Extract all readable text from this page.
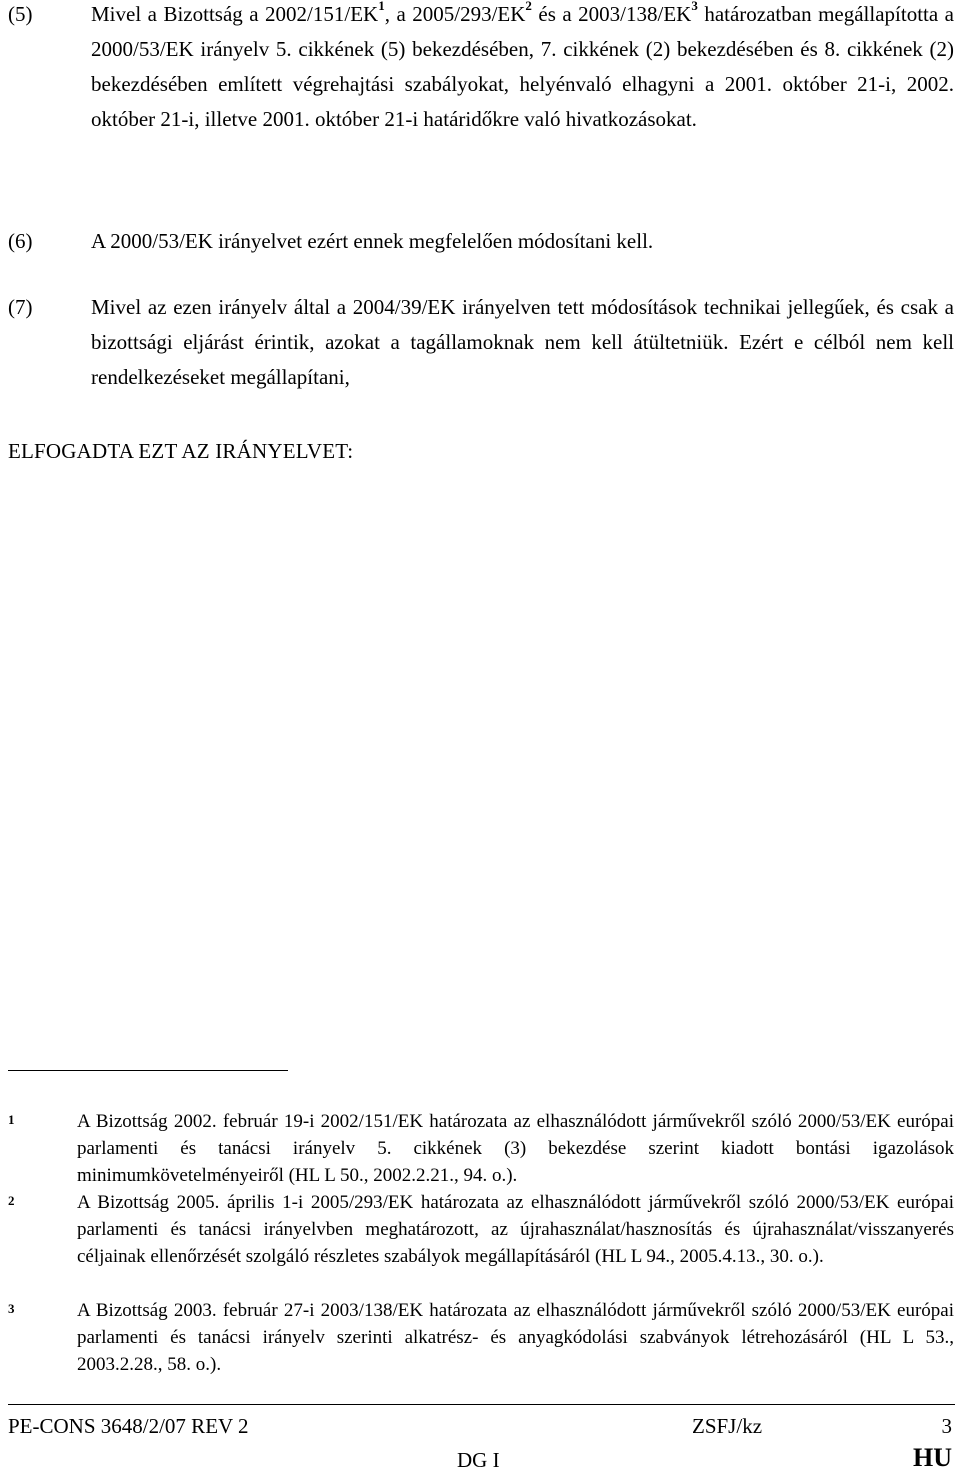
(5)	Mivel a Bizottság a $2002/151/EK^1$, a $2005/293/EK^2$ és a $2003/138/EK^3$ határozatban megállapította a 2000/53/EK irányelv 5. cikkének (5) bekezdésében, 7. cikkének (2) bekezdésében és 8. cikkének (2) bekezdésében említett végrehajtási szabályokat, helyénvaló elhagyni a 2001. október 21-i, 2002. október 21-i, illetve 2001. október 21-i határidőkre való hivatkozásokat.
(6)	A 2000/53/EK irányelvet ezért ennek megfelelően módosítani kell.
(7)	Mivel az ezen irányelv által a 2004/39/EK irányelven tett módosítások technikai jellegűek, és csak a bizottsági eljárást érintik, azokat a tagállamoknak nem kell átültetniük. Ezért e célból nem kell rendelkezéseket megállapítani,
ELFOGADTA EZT AZ IRÁNYELVET:
1	A Bizottság 2002. február 19-i 2002/151/EK határozata az elhasználódott járművekről szóló 2000/53/EK európai parlamenti és tanácsi irányelv 5. cikkének (3) bekezdése szerint kiadott bontási igazolások minimumkövetelményeiről (HL L 50., 2002.2.21., 94. o.).
2	A Bizottság 2005. április 1-i 2005/293/EK határozata az elhasználódott járművekről szóló 2000/53/EK európai parlamenti és tanácsi irányelvben meghatározott, az újrahasználat/hasznosítás és újrahasználat/visszanyerés céljainak ellenőrzését szolgáló részletes szabályok megállapításáról (HL L 94., 2005.4.13., 30. o.).
3	A Bizottság 2003. február 27-i 2003/138/EK határozata az elhasználódott járművekről szóló 2000/53/EK európai parlamenti és tanácsi irányelv szerinti alkatrész- és anyagkódolási szabványok létrehozásáról (HL L 53., 2003.2.28., 58. o.).
PE-CONS 3648/2/07 REV 2	ZSFJ/kz	3
DG I	HU
